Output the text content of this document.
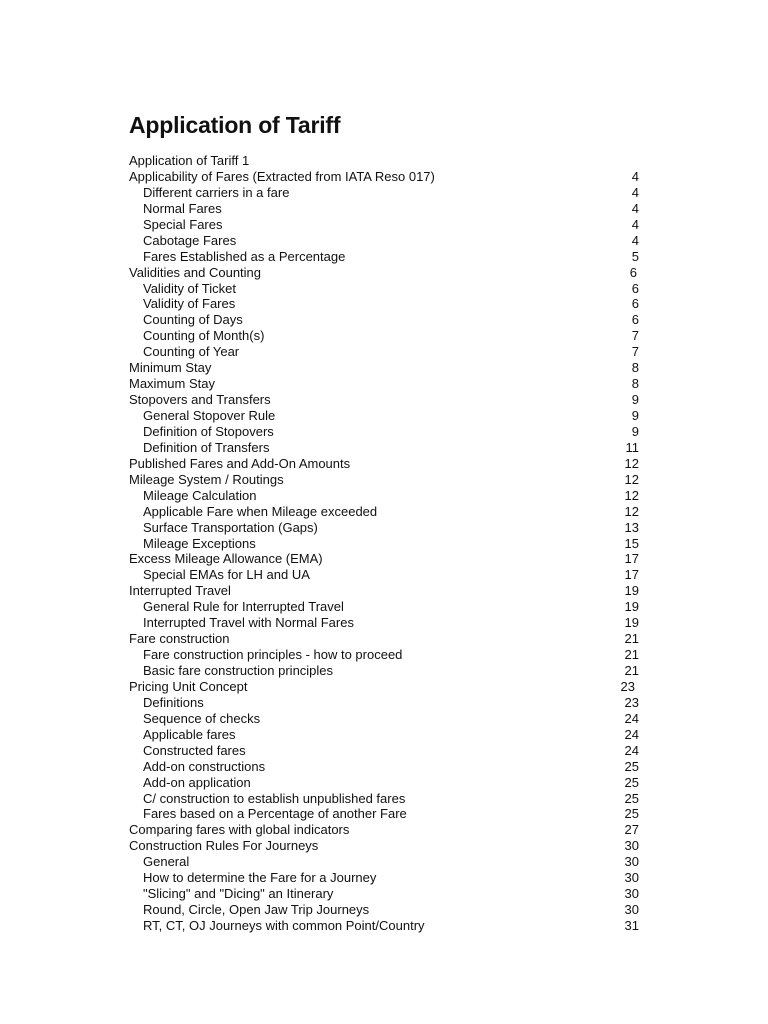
Application of Tariff
Application of Tariff 1
Applicability of Fares (Extracted from IATA Reso 017)	4
Different carriers in a fare	4
Normal Fares	4
Special Fares	4
Cabotage Fares	4
Fares Established as a Percentage	5
Validities and Counting	6
Validity of Ticket	6
Validity of Fares	6
Counting of Days	6
Counting of Month(s)	7
Counting of Year	7
Minimum Stay	8
Maximum Stay	8
Stopovers and Transfers	9
General Stopover Rule	9
Definition of Stopovers	9
Definition of Transfers	11
Published Fares and Add-On Amounts	12
Mileage System / Routings	12
Mileage Calculation	12
Applicable Fare when Mileage exceeded	12
Surface Transportation (Gaps)	13
Mileage Exceptions	15
Excess Mileage Allowance (EMA)	17
Special EMAs for LH and UA	17
Interrupted Travel	19
General Rule for Interrupted Travel	19
Interrupted Travel with Normal Fares	19
Fare construction	21
Fare construction principles - how to proceed	21
Basic fare construction principles	21
Pricing Unit Concept	23
Definitions	23
Sequence of checks	24
Applicable fares	24
Constructed fares	24
Add-on constructions	25
Add-on application	25
C/ construction to establish unpublished fares	25
Fares based on a Percentage of another Fare	25
Comparing fares with global indicators	27
Construction Rules For Journeys	30
General	30
How to determine the Fare for a Journey	30
"Slicing" and "Dicing" an Itinerary	30
Round, Circle, Open Jaw Trip Journeys	30
RT, CT, OJ Journeys with common Point/Country	31
